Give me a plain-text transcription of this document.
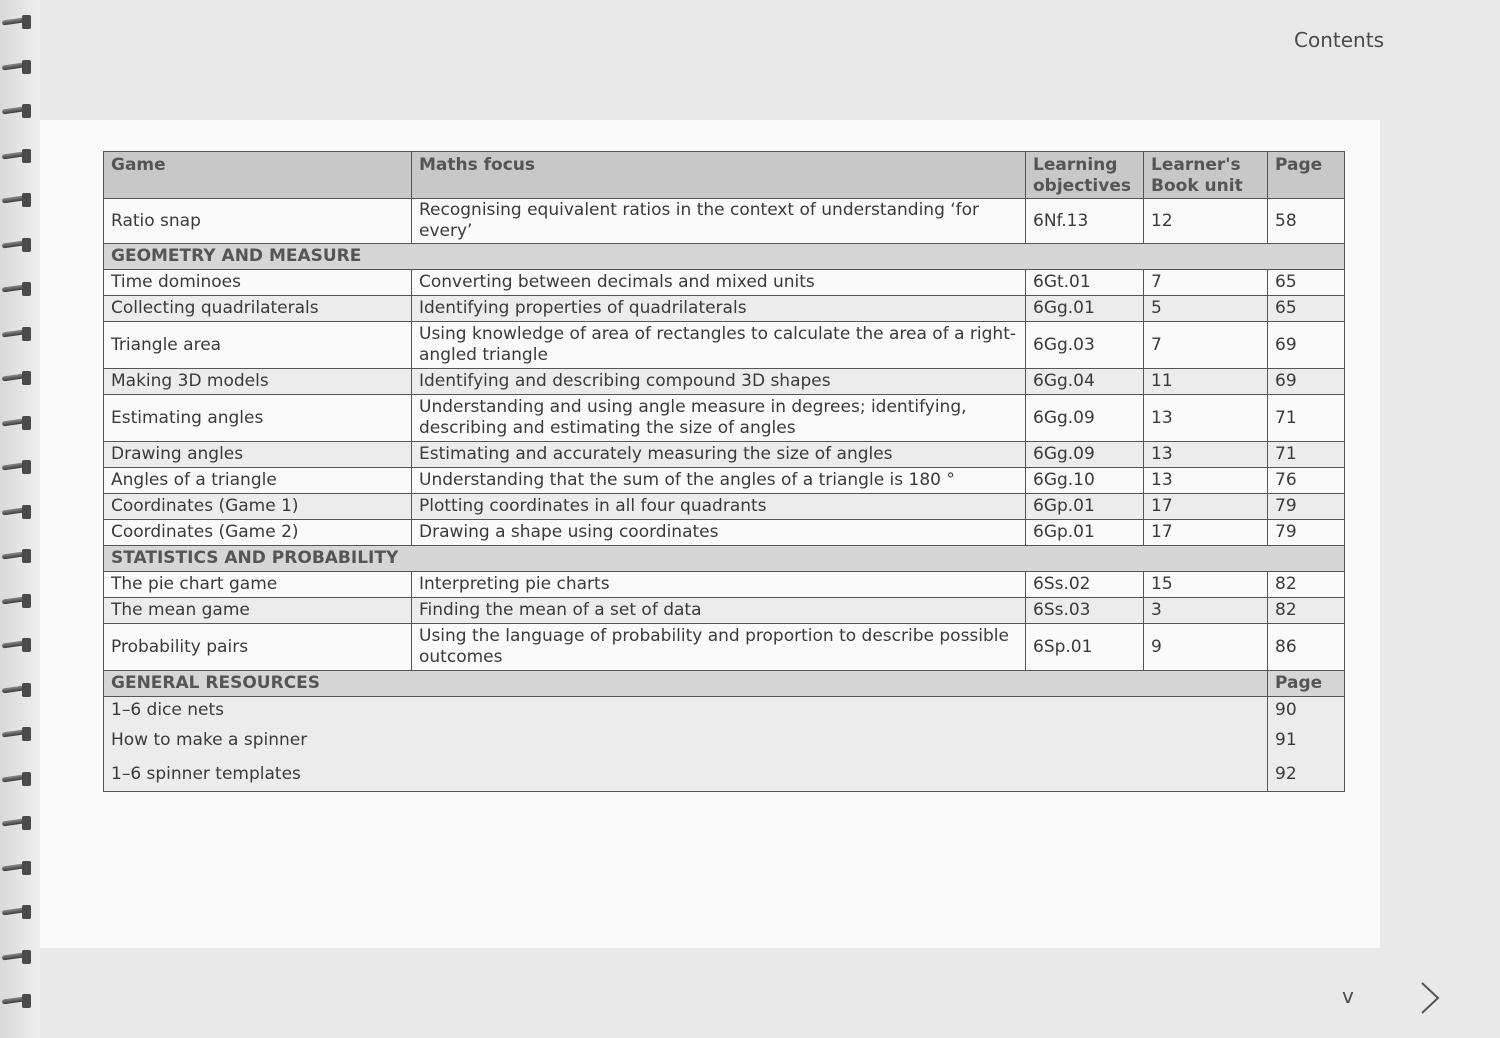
Contents
Game	Maths focus	Learning objectives	Learner's Book unit	Page
Ratio snap	Recognising equivalent ratios in the context of understanding ‘for every’	6Nf.13	12	58
GEOMETRY AND MEASURE				
Time dominoes	Converting between decimals and mixed units	6Gt.01	7	65
Collecting quadrilaterals	Identifying properties of quadrilaterals	6Gg.01	5	65
Triangle area	Using knowledge of area of rectangles to calculate the area of a right-angled triangle	6Gg.03	7	69
Making 3D models	Identifying and describing compound 3D shapes	6Gg.04	11	69
Estimating angles	Understanding and using angle measure in degrees; identifying, describing and estimating the size of angles	6Gg.09	13	71
Drawing angles	Estimating and accurately measuring the size of angles	6Gg.09	13	71
Angles of a triangle	Understanding that the sum of the angles of a triangle is 180 °	6Gg.10	13	76
Coordinates (Game 1)	Plotting coordinates in all four quadrants	6Gp.01	17	79
Coordinates (Game 2)	Drawing a shape using coordinates	6Gp.01	17	79
STATISTICS AND PROBABILITY				
The pie chart game	Interpreting pie charts	6Ss.02	15	82
The mean game	Finding the mean of a set of data	6Ss.03	3	82
Probability pairs	Using the language of probability and proportion to describe possible outcomes	6Sp.01	9	86
GENERAL RESOURCES				Page
1–6 dice nets				90
How to make a spinner				91
1–6 spinner templates				92
v
